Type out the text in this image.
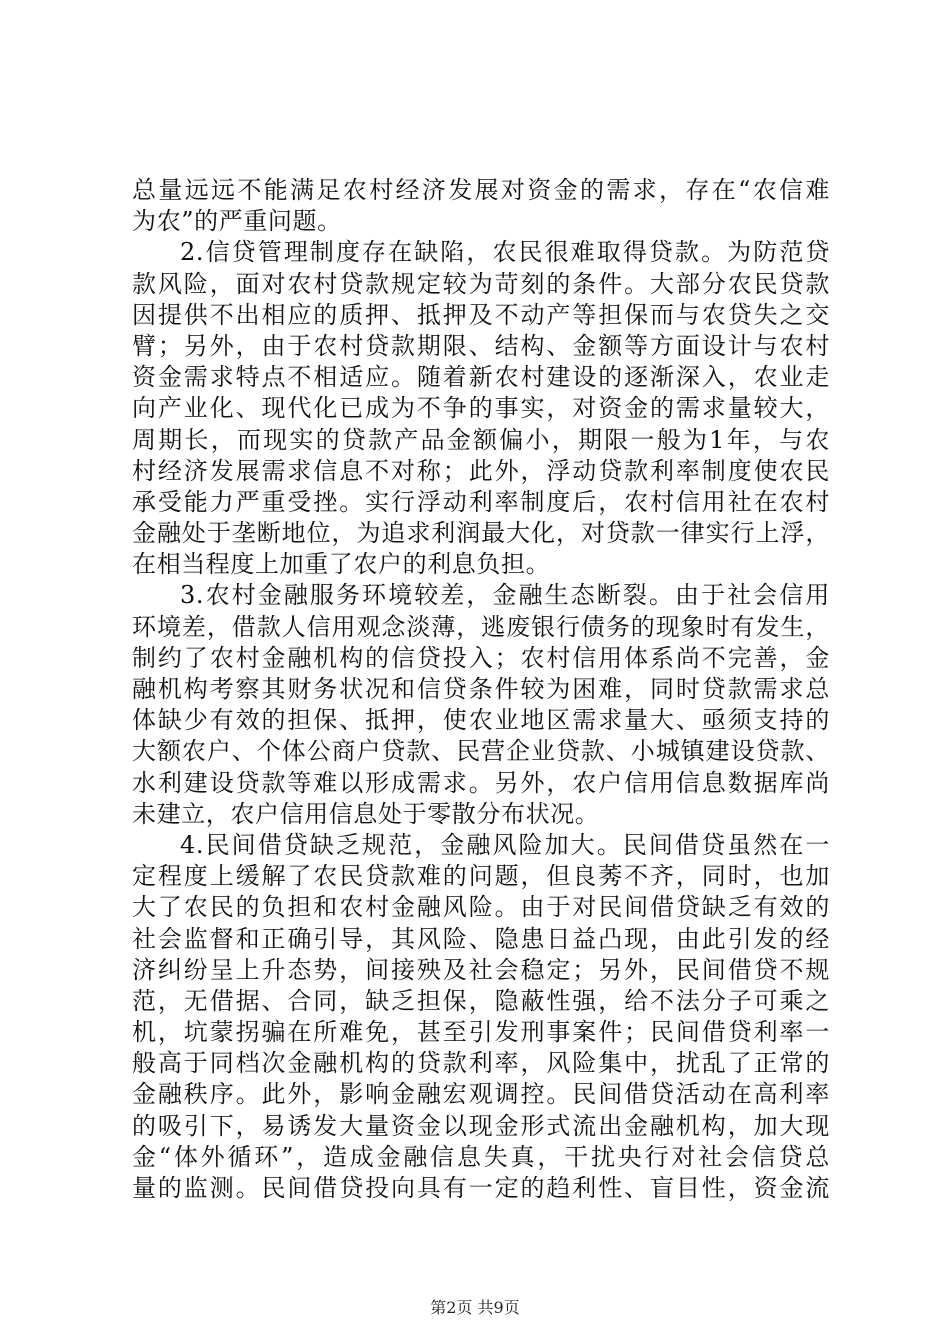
总量远远不能满足农村经济发展对资金的需求，存在“农信难
为农”的严重问题。
2.信贷管理制度存在缺陷，农民很难取得贷款。为防范贷
款风险，面对农村贷款规定较为苛刻的条件。大部分农民贷款
因提供不出相应的质押、抵押及不动产等担保而与农贷失之交
臂；另外，由于农村贷款期限、结构、金额等方面设计与农村
资金需求特点不相适应。随着新农村建设的逐渐深入，农业走
向产业化、现代化已成为不争的事实，对资金的需求量较大，
周期长，而现实的贷款产品金额偏小，期限一般为1年，与农
村经济发展需求信息不对称；此外，浮动贷款利率制度使农民
承受能力严重受挫。实行浮动利率制度后，农村信用社在农村
金融处于垄断地位，为追求利润最大化，对贷款一律实行上浮，
在相当程度上加重了农户的利息负担。
3.农村金融服务环境较差，金融生态断裂。由于社会信用
环境差，借款人信用观念淡薄，逃废银行债务的现象时有发生，
制约了农村金融机构的信贷投入；农村信用体系尚不完善，金
融机构考察其财务状况和信贷条件较为困难，同时贷款需求总
体缺少有效的担保、抵押，使农业地区需求量大、亟须支持的
大额农户、个体公商户贷款、民营企业贷款、小城镇建设贷款、
水利建设贷款等难以形成需求。另外，农户信用信息数据库尚
未建立，农户信用信息处于零散分布状况。
4.民间借贷缺乏规范，金融风险加大。民间借贷虽然在一
定程度上缓解了农民贷款难的问题，但良莠不齐，同时，也加
大了农民的负担和农村金融风险。由于对民间借贷缺乏有效的
社会监督和正确引导，其风险、隐患日益凸现，由此引发的经
济纠纷呈上升态势，间接殃及社会稳定；另外，民间借贷不规
范，无借据、合同，缺乏担保，隐蔽性强，给不法分子可乘之
机，坑蒙拐骗在所难免，甚至引发刑事案件；民间借贷利率一
般高于同档次金融机构的贷款利率，风险集中，扰乱了正常的
金融秩序。此外，影响金融宏观调控。民间借贷活动在高利率
的吸引下，易诱发大量资金以现金形式流出金融机构，加大现
金“体外循环”，造成金融信息失真，干扰央行对社会信贷总
量的监测。民间借贷投向具有一定的趋利性、盲目性，资金流
第2页 共9页
